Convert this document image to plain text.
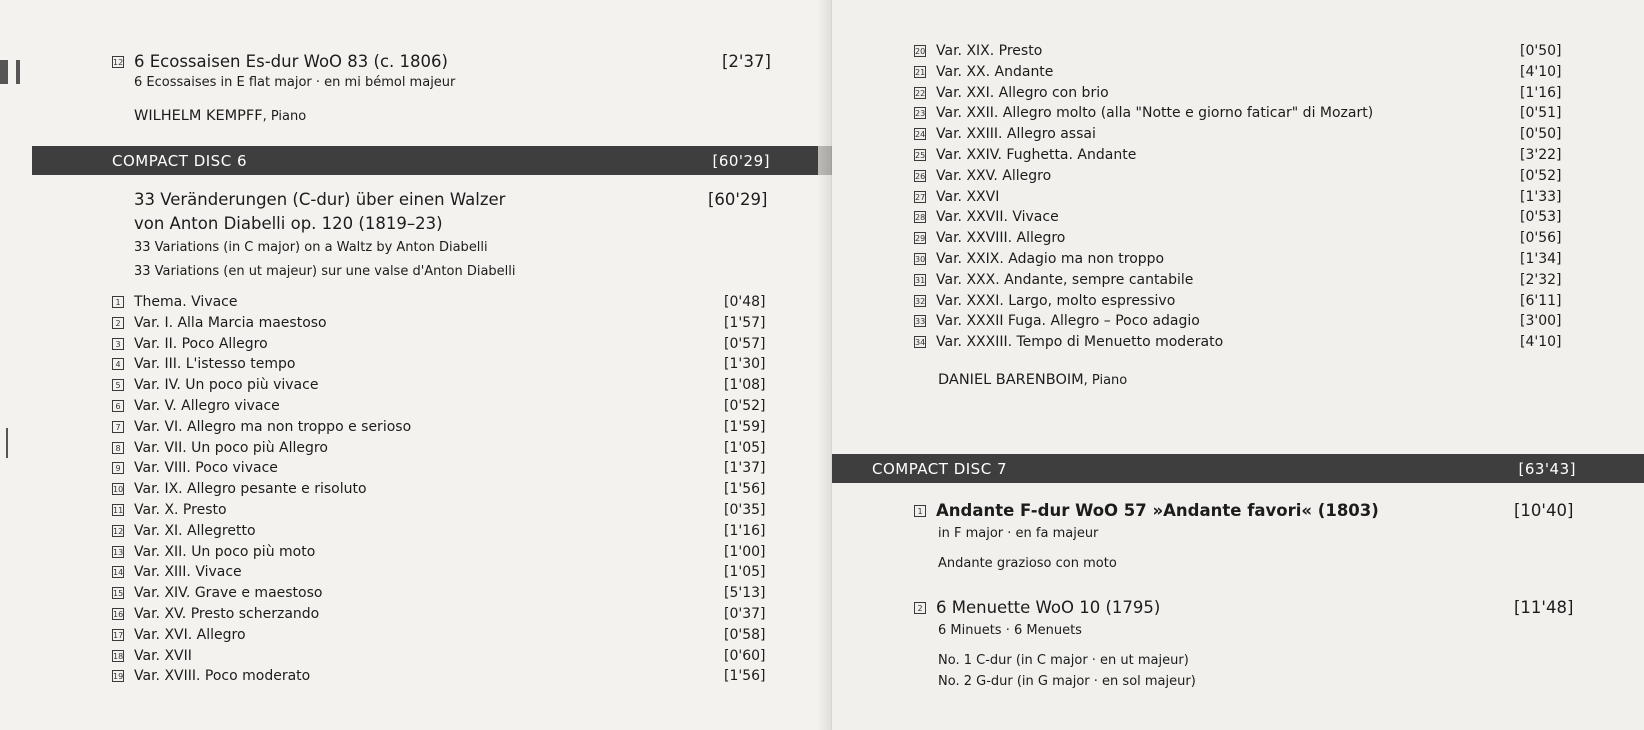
12 6 Ecossaisen Es-dur WoO 83 (c. 1806)	[2'37]
6 Ecossaises in E flat major · en mi bémol majeur
WILHELM KEMPFF , Piano
COMPACT DISC 6	[60'29]
33 Veränderungen (C-dur) über einen Walzer	[60'29]
von Anton Diabelli op. 120 (1819–23)
33 Variations (in C major) on a Waltz by Anton Diabelli
33 Variations (en ut majeur) sur une valse d'Anton Diabelli
1 Thema. Vivace	[0'48]
2 Var. I. Alla Marcia maestoso	[1'57]
3 Var. II. Poco Allegro	[0'57]
4 Var. III. L'istesso tempo	[1'30]
5 Var. IV. Un poco più vivace	[1'08]
6 Var. V. Allegro vivace	[0'52]
7 Var. VI. Allegro ma non troppo e serioso	[1'59]
8 Var. VII. Un poco più Allegro	[1'05]
9 Var. VIII. Poco vivace	[1'37]
10 Var. IX. Allegro pesante e risoluto	[1'56]
11 Var. X. Presto	[0'35]
12 Var. XI. Allegretto	[1'16]
13 Var. XII. Un poco più moto	[1'00]
14 Var. XIII. Vivace	[1'05]
15 Var. XIV. Grave e maestoso	[5'13]
16 Var. XV. Presto scherzando	[0'37]
17 Var. XVI. Allegro	[0'58]
18 Var. XVII	[0'60]
19 Var. XVIII. Poco moderato	[1'56]
20 Var. XIX. Presto	[0'50]
21 Var. XX. Andante	[4'10]
22 Var. XXI. Allegro con brio	[1'16]
23 Var. XXII. Allegro molto (alla "Notte e giorno faticar" di Mozart)	[0'51]
24 Var. XXIII. Allegro assai	[0'50]
25 Var. XXIV. Fughetta. Andante	[3'22]
26 Var. XXV. Allegro	[0'52]
27 Var. XXVI	[1'33]
28 Var. XXVII. Vivace	[0'53]
29 Var. XXVIII. Allegro	[0'56]
30 Var. XXIX. Adagio ma non troppo	[1'34]
31 Var. XXX. Andante, sempre cantabile	[2'32]
32 Var. XXXI. Largo, molto espressivo	[6'11]
33 Var. XXXII Fuga. Allegro – Poco adagio	[3'00]
34 Var. XXXIII. Tempo di Menuetto moderato	[4'10]
DANIEL BARENBOIM , Piano
COMPACT DISC 7	[63'43]
1 Andante F-dur WoO 57 »Andante favori« (1803)	[10'40]
in F major · en fa majeur
Andante grazioso con moto
2 6 Menuette WoO 10 (1795)	[11'48]
6 Minuets · 6 Menuets
No. 1 C-dur (in C major · en ut majeur)
No. 2 G-dur (in G major · en sol majeur)
